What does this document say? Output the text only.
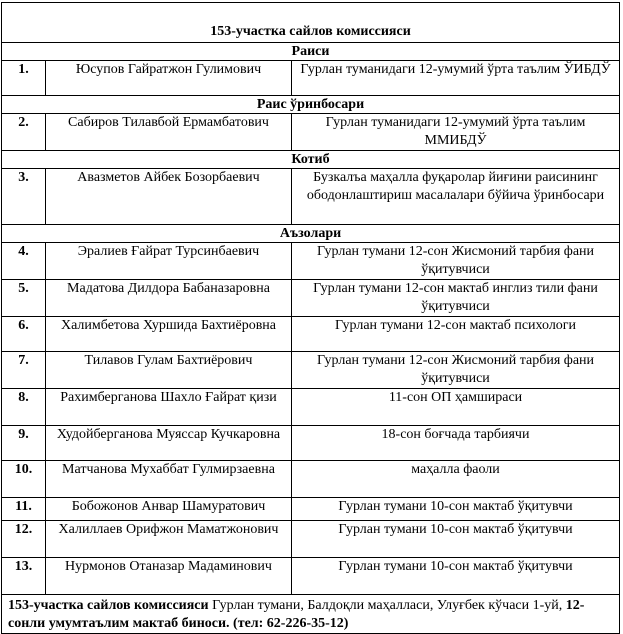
153-участка сайлов комиссияси		
Раиси		
1.	Юсупов Гайратжон Гулимович	Гурлан туманидаги 12-умумий ўрта таълим ЎИБДЎ
Раис ўринбосари		
2.	Сабиров Тилавбой Ермамбатович	Гурлан туманидаги 12-умумий ўрта таълим ММИБДЎ
Котиб		
3.	Авазметов Айбек Бозорбаевич	Бузкалъа маҳалла фуқаролар йиғини раисининг ободонлаштириш масалалари бўйича ўринбосари
Аъзолари		
4.	Эралиев Ғайрат Турсинбаевич	Гурлан тумани 12-сон Жисмоний тарбия фани ўқитувчиси
5.	Мадатова Дилдора Бабаназаровна	Гурлан тумани 12-сон мактаб инглиз тили фани ўқитувчиси
6.	Халимбетова Хуршида Бахтиёровна	Гурлан тумани 12-сон мактаб психологи
7.	Тилавов Гулам Бахтиёрович	Гурлан тумани 12-сон Жисмоний тарбия фани ўқитувчиси
8.	Рахимберганова Шахло Ғайрат қизи	11-сон ОП ҳамшираси
9.	Худойберганова Муяссар Кучкаровна	18-сон боғчада тарбиячи
10.	Матчанова Мухаббат Гулмирзаевна	маҳалла фаоли
11.	Бобожонов Анвар Шамуратович	Гурлан тумани 10-сон мактаб ўқитувчи
12.	Халиллаев Орифжон Маматжонович	Гурлан тумани 10-сон мактаб ўқитувчи
13.	Нурмонов Отаназар Мадаминович	Гурлан тумани 10-сон мактаб ўқитувчи
153-участка сайлов комиссияси Гурлан тумани, Балдоқли маҳалласи, Улуғбек кўчаси 1-уй, 12-сонли умумтаълим мактаб биноси. (тел: 62-226-35-12)		
